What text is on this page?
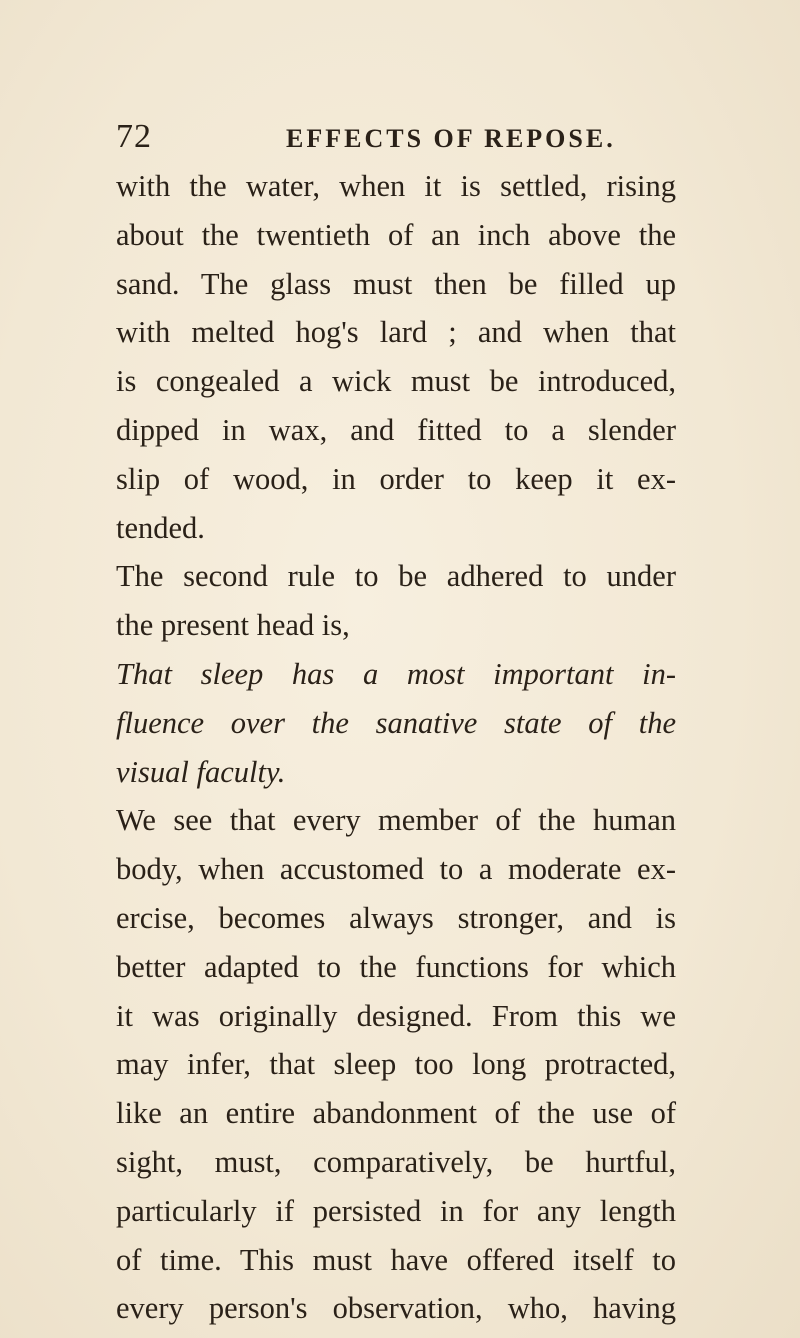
72	EFFECTS OF REPOSE.
with the water, when it is settled, rising
about the twentieth of an inch above the
sand. The glass must then be filled up
with melted hog's lard ; and when that
is congealed a wick must be introduced,
dipped in wax, and fitted to a slender
slip of wood, in order to keep it ex-
tended.
The second rule to be adhered to under
the present head is,
That sleep has a most important in-
fluence over the sanative state of the
visual faculty.
We see that every member of the human
body, when accustomed to a moderate ex-
ercise, becomes always stronger, and is
better adapted to the functions for which
it was originally designed. From this we
may infer, that sleep too long protracted,
like an entire abandonment of the use of
sight, must, comparatively, be hurtful,
particularly if persisted in for any length
of time. This must have offered itself to
every person's observation, who, having
